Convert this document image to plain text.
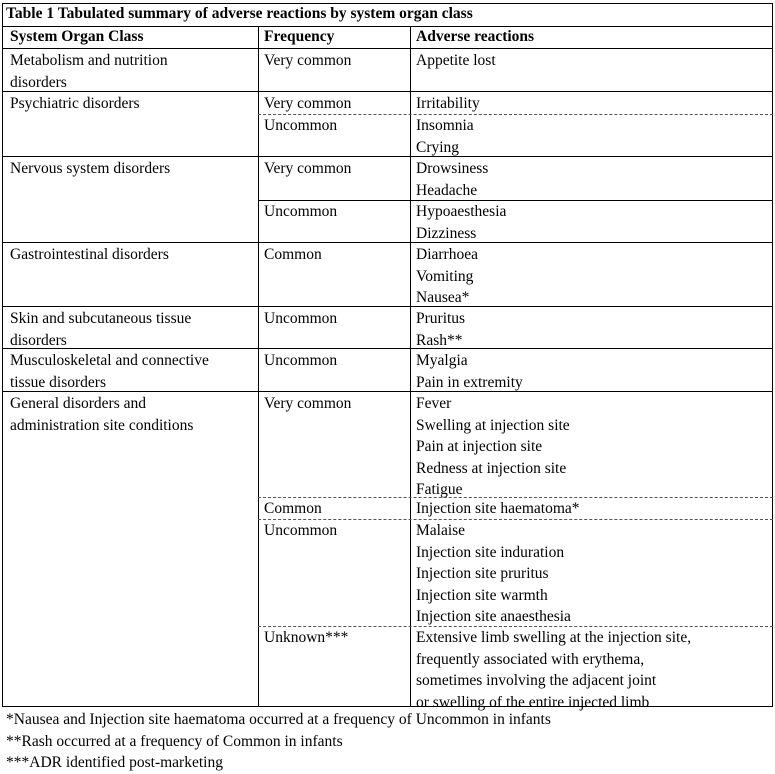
Table 1 Tabulated summary of adverse reactions by system organ class
System Organ Class	Frequency	Adverse reactions
Metabolism and nutrition
disorders
Very common	Appetite lost
Psychiatric disorders	Very common	Irritability
Uncommon	Insomnia
Crying
Nervous system disorders	Very common	Drowsiness
Headache
Uncommon	Hypoaesthesia
Dizziness
Gastrointestinal disorders	Common	Diarrhoea
Vomiting
Nausea*
Skin and subcutaneous tissue
disorders
Uncommon	Pruritus
Rash**
Musculoskeletal and connective
tissue disorders
Uncommon	Myalgia
Pain in extremity
General disorders and
administration site conditions
Very common	Fever
Swelling at injection site
Pain at injection site
Redness at injection site
Fatigue
Common	Injection site haematoma*
Uncommon	Malaise
Injection site induration
Injection site pruritus
Injection site warmth
Injection site anaesthesia
Unknown***	Extensive limb swelling at the injection site,
frequently associated with erythema,
sometimes involving the adjacent joint
or swelling of the entire injected limb
*Nausea and Injection site haematoma occurred at a frequency of Uncommon in infants
**Rash occurred at a frequency of Common in infants
***ADR identified post-marketing
